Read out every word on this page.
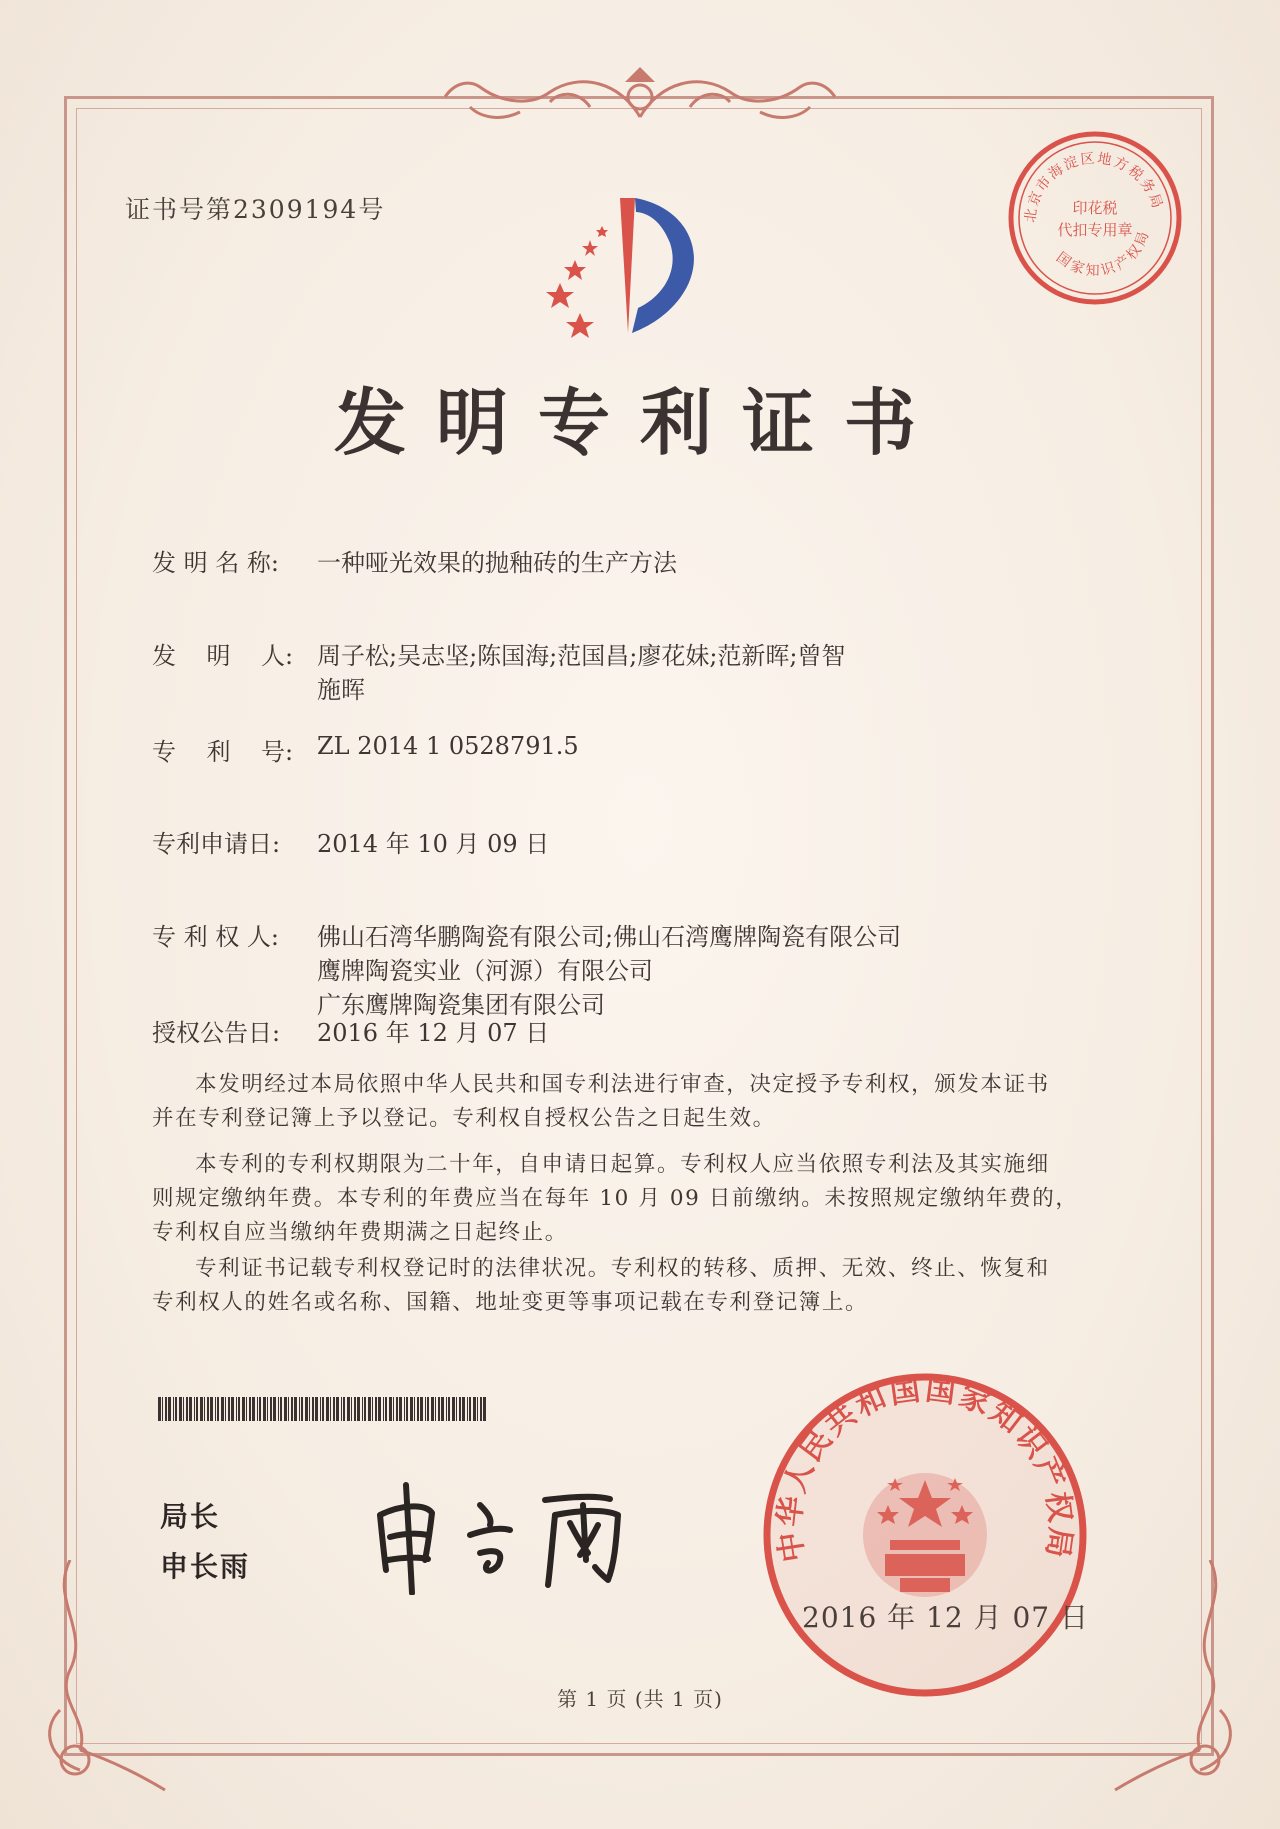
北京市海淀区地方税务局
印花税
代扣专用章
国家知识产权局
证书号第2309194号
发明专利证书
发 明 名 称: 一种哑光效果的抛釉砖的生产方法
发    明    人: 周子松;吴志坚;陈国海;范国昌;廖花妹;范新晖;曾智
施晖
专    利    号: ZL 2014 1 0528791.5
专利申请日: 2014 年 10 月 09 日
专 利 权 人: 佛山石湾华鹏陶瓷有限公司;佛山石湾鹰牌陶瓷有限公司
鹰牌陶瓷实业（河源）有限公司
广东鹰牌陶瓷集团有限公司
授权公告日: 2016 年 12 月 07 日

本发明经过本局依照中华人民共和国专利法进行审查，决定授予专利权，颁发本证书

并在专利登记簿上予以登记。专利权自授权公告之日起生效。

本专利的专利权期限为二十年，自申请日起算。专利权人应当依照专利法及其实施细

则规定缴纳年费。本专利的年费应当在每年 10 月 09 日前缴纳。未按照规定缴纳年费的，
专利权自应当缴纳年费期满之日起终止。

专利证书记载专利权登记时的法律状况。专利权的转移、质押、无效、终止、恢复和

专利权人的姓名或名称、国籍、地址变更等事项记载在专利登记簿上。
局长
申长雨
中华人民共和国国家知识产权局
2016 年 12 月 07 日
第 1 页 (共 1 页)
